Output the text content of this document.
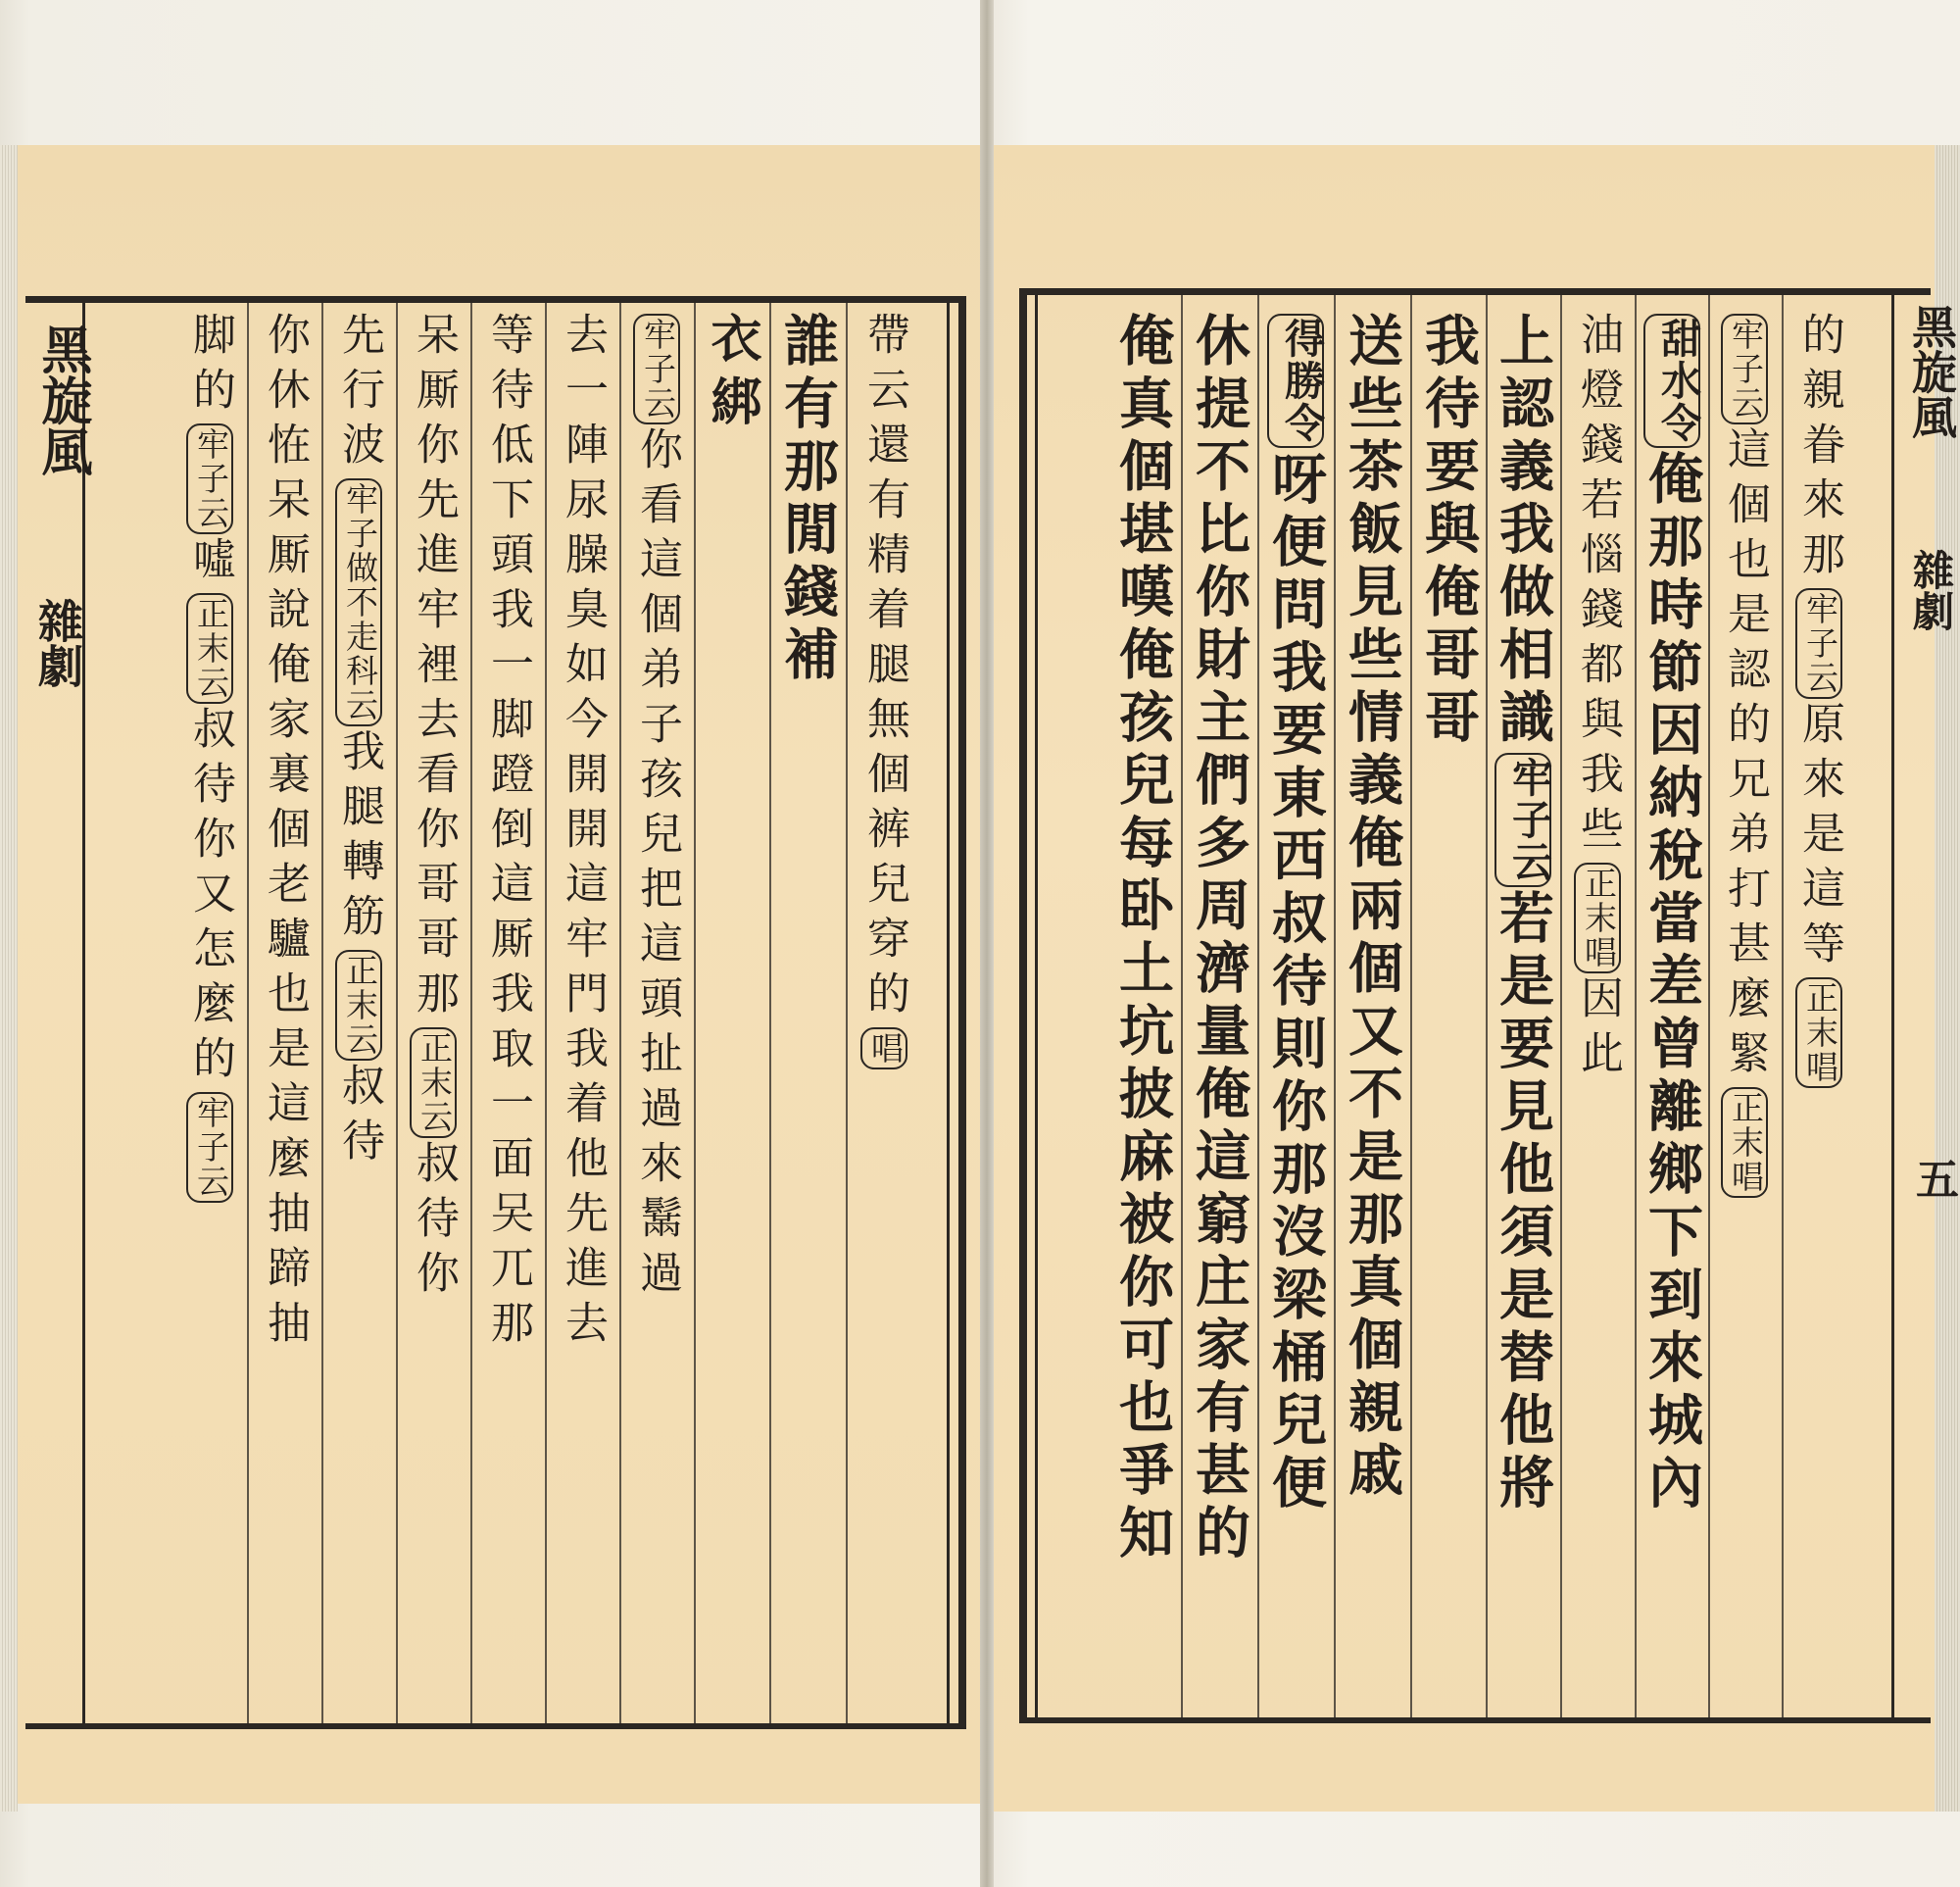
帶云
還有精着腿無個裤兒穿的
唱
誰有那閒錢補
衣綁
牢子云
你看這個弟子孩兒把這頭扯過來鬗過
去一陣尿臊臭如今開開這牢門我着他先進去
等待低下頭我一脚蹬倒這厮我取一面㕦兀那
呆厮你先進牢裡去看你哥哥那
正末云
叔待你
先行波
牢子做不走科云
我腿轉筋
正末云
叔待
你休恠呆厮說俺家裏個老驢也是這麼抽蹄抽
脚的
牢子云
噓
正末云
叔待你又怎麼的
牢子云
的親眷來那
牢子云
原來是這等
正末唱
牢子云
這個也是認的兄弟打甚麼緊
正末唱
甜水令
俺那時節因納稅當差曾離鄉下到來城內
油燈錢若惱錢都與我些
正末唱
因此
上認義我做相識
牢子云
若是要見他須是替他將
我待要與俺哥哥
送些茶飯見些情義俺兩個又不是那真個親戚
得勝令
呀便問我要東西叔待則你那沒梁桶兒便
休提不比你財主們多周濟量俺這窮庄家有甚的
俺真個堪嘆俺孩兒每卧土坑披麻被你可也爭知
黑旋風
雜劇
黑旋風
雜劇
五
